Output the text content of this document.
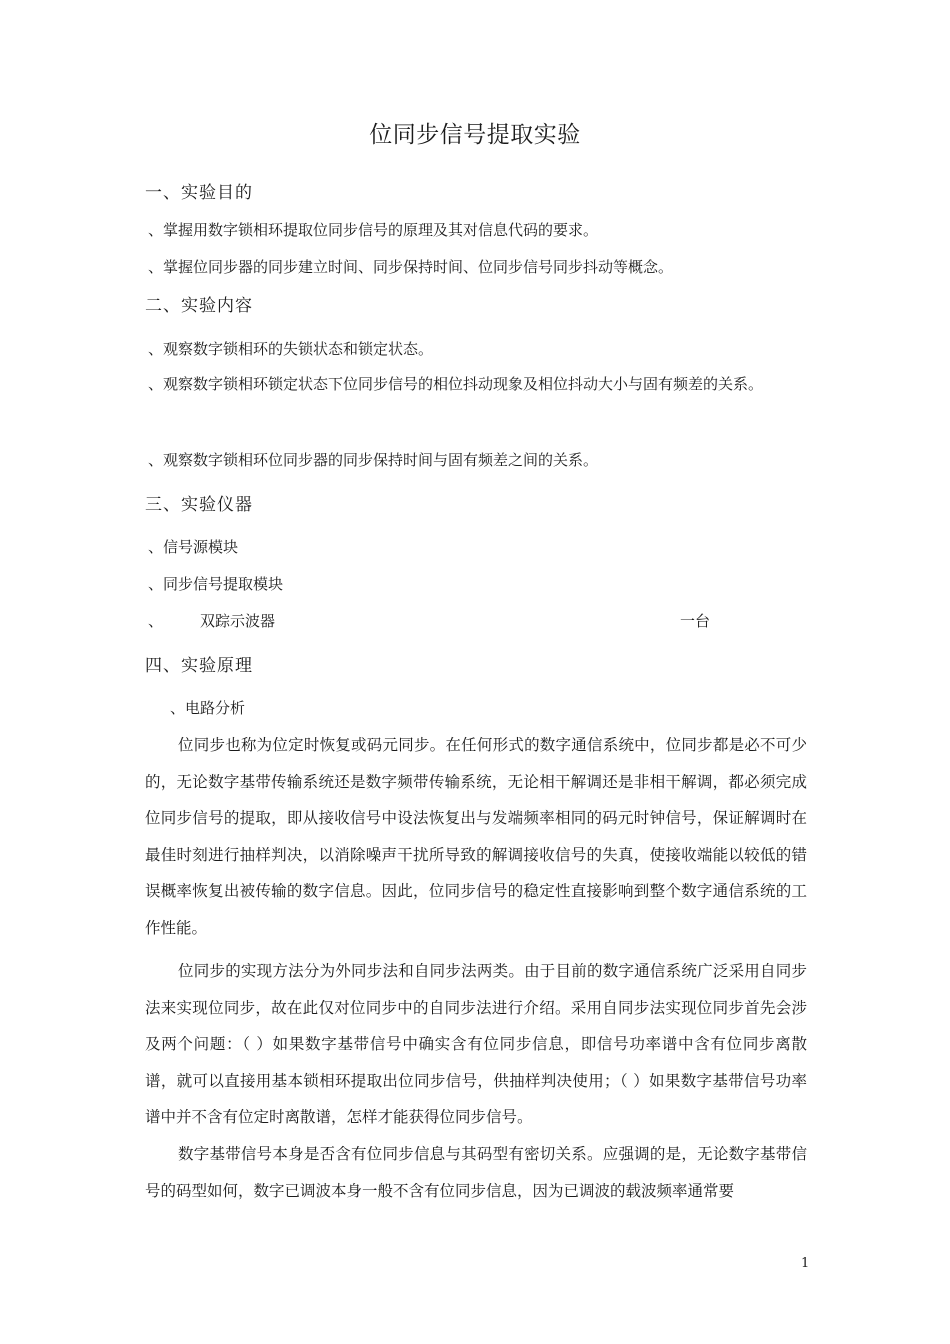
位同步信号提取实验
一、实验目的
、掌握用数字锁相环提取位同步信号的原理及其对信息代码的要求。
、掌握位同步器的同步建立时间、同步保持时间、位同步信号同步抖动等概念。
二、实验内容
、观察数字锁相环的失锁状态和锁定状态。
、观察数字锁相环锁定状态下位同步信号的相位抖动现象及相位抖动大小与固有频差的关系。
、观察数字锁相环位同步器的同步保持时间与固有频差之间的关系。
三、实验仪器
、信号源模块
、同步信号提取模块
、 双踪示波器	一台
四、实验原理
、电路分析
位同步也称为位定时恢复或码元同步。在任何形式的数字通信系统中，位同步都是必不可少的，无论数字基带传输系统还是数字频带传输系统，无论相干解调还是非相干解调，都必须完成位同步信号的提取，即从接收信号中设法恢复出与发端频率相同的码元时钟信号，保证解调时在最佳时刻进行抽样判决，以消除噪声干扰所导致的解调接收信号的失真，使接收端能以较低的错误概率恢复出被传输的数字信息。因此，位同步信号的稳定性直接影响到整个数字通信系统的工作性能。
位同步的实现方法分为外同步法和自同步法两类。由于目前的数字通信系统广泛采用自同步法来实现位同步，故在此仅对位同步中的自同步法进行介绍。采用自同步法实现位同步首先会涉及两个问题：（ ）如果数字基带信号中确实含有位同步信息，即信号功率谱中含有位同步离散谱，就可以直接用基本锁相环提取出位同步信号，供抽样判决使用；（ ）如果数字基带信号功率谱中并不含有位定时离散谱，怎样才能获得位同步信号。
数字基带信号本身是否含有位同步信息与其码型有密切关系。应强调的是，无论数字基带信号的码型如何，数字已调波本身一般不含有位同步信息，因为已调波的载波频率通常要
1
